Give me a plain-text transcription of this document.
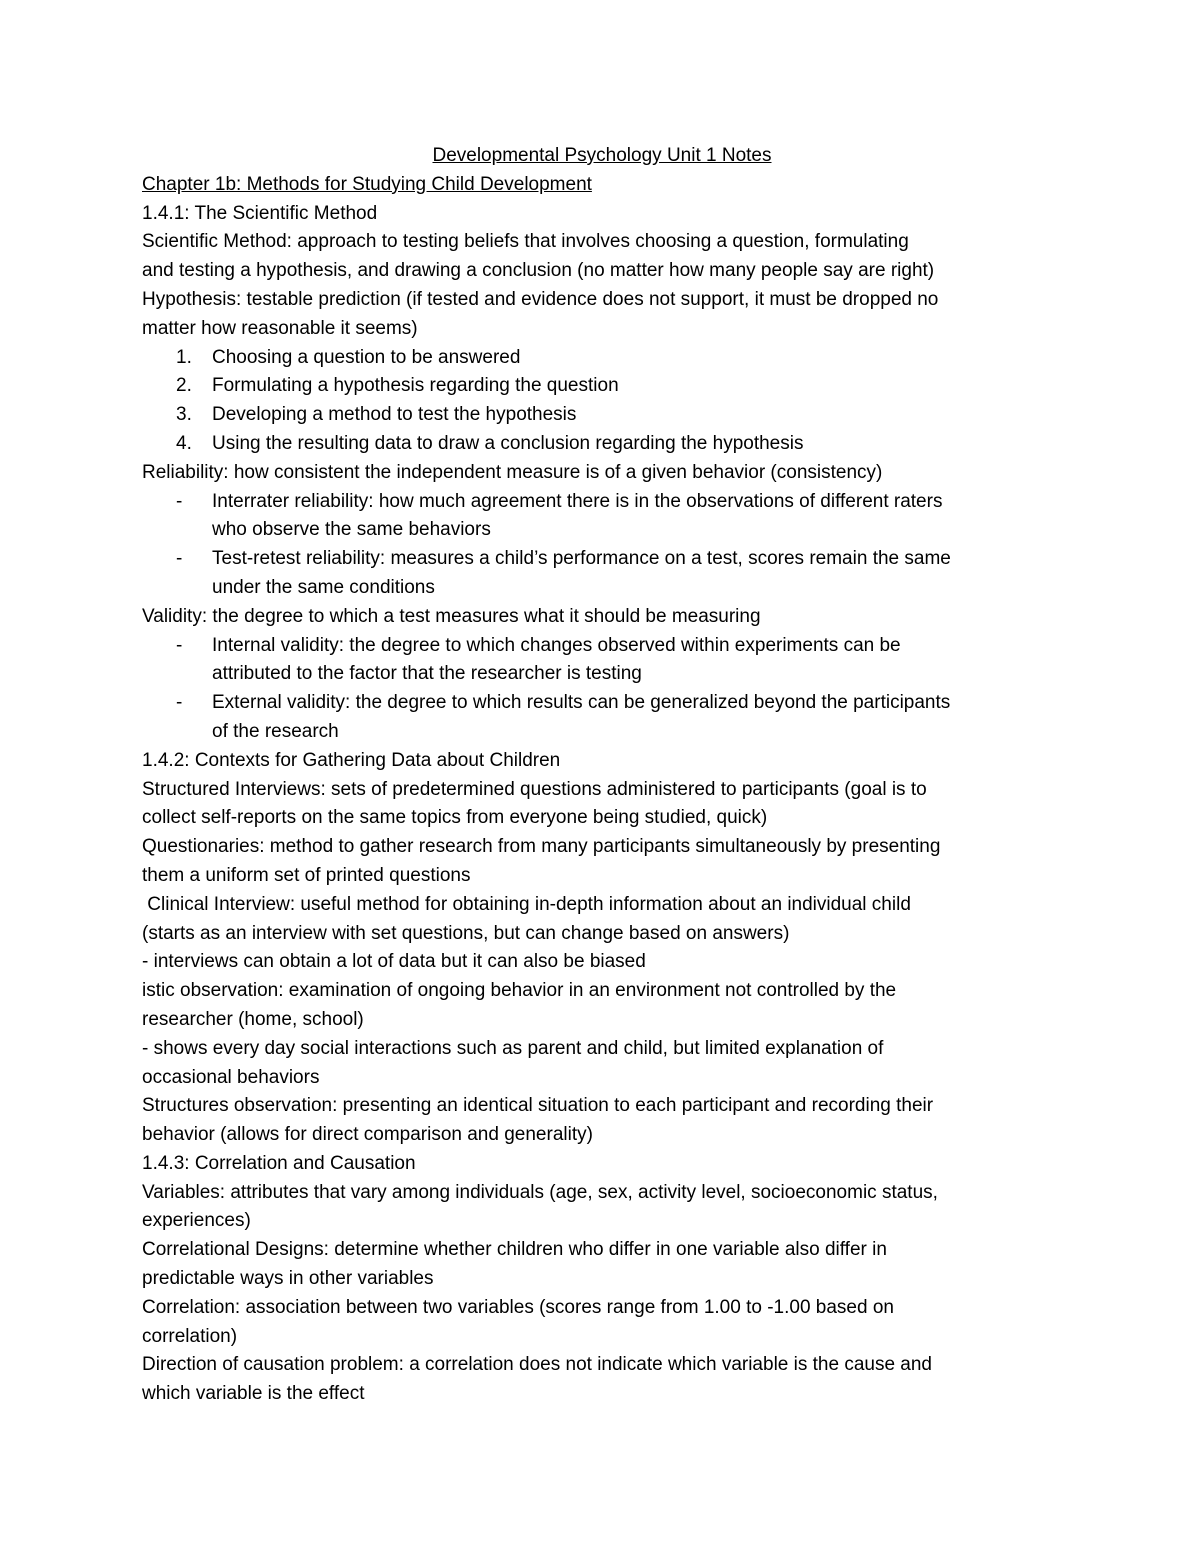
Developmental Psychology Unit 1 Notes
Chapter 1b: Methods for Studying Child Development
1.4.1: The Scientific Method
Scientific Method: approach to testing beliefs that involves choosing a question, formulating
and testing a hypothesis, and drawing a conclusion (no matter how many people say are right)
Hypothesis: testable prediction (if tested and evidence does not support, it must be dropped no
matter how reasonable it seems)
1. Choosing a question to be answered
2. Formulating a hypothesis regarding the question
3. Developing a method to test the hypothesis
4. Using the resulting data to draw a conclusion regarding the hypothesis
Reliability: how consistent the independent measure is of a given behavior (consistency)
- Interrater reliability: how much agreement there is in the observations of different raters
who observe the same behaviors
- Test-retest reliability: measures a child’s performance on a test, scores remain the same
under the same conditions
Validity: the degree to which a test measures what it should be measuring
- Internal validity: the degree to which changes observed within experiments can be
attributed to the factor that the researcher is testing
- External validity: the degree to which results can be generalized beyond the participants
of the research
1.4.2: Contexts for Gathering Data about Children
Structured Interviews: sets of predetermined questions administered to participants (goal is to
collect self-reports on the same topics from everyone being studied, quick)
Questionaries: method to gather research from many participants simultaneously by presenting
them a uniform set of printed questions
Clinical Interview: useful method for obtaining in-depth information about an individual child
(starts as an interview with set questions, but can change based on answers)
- interviews can obtain a lot of data but it can also be biased
istic observation: examination of ongoing behavior in an environment not controlled by the
researcher (home, school)
- shows every day social interactions such as parent and child, but limited explanation of
occasional behaviors
Structures observation: presenting an identical situation to each participant and recording their
behavior (allows for direct comparison and generality)
1.4.3: Correlation and Causation
Variables: attributes that vary among individuals (age, sex, activity level, socioeconomic status,
experiences)
Correlational Designs: determine whether children who differ in one variable also differ in
predictable ways in other variables
Correlation: association between two variables (scores range from 1.00 to -1.00 based on
correlation)
Direction of causation problem: a correlation does not indicate which variable is the cause and
which variable is the effect
